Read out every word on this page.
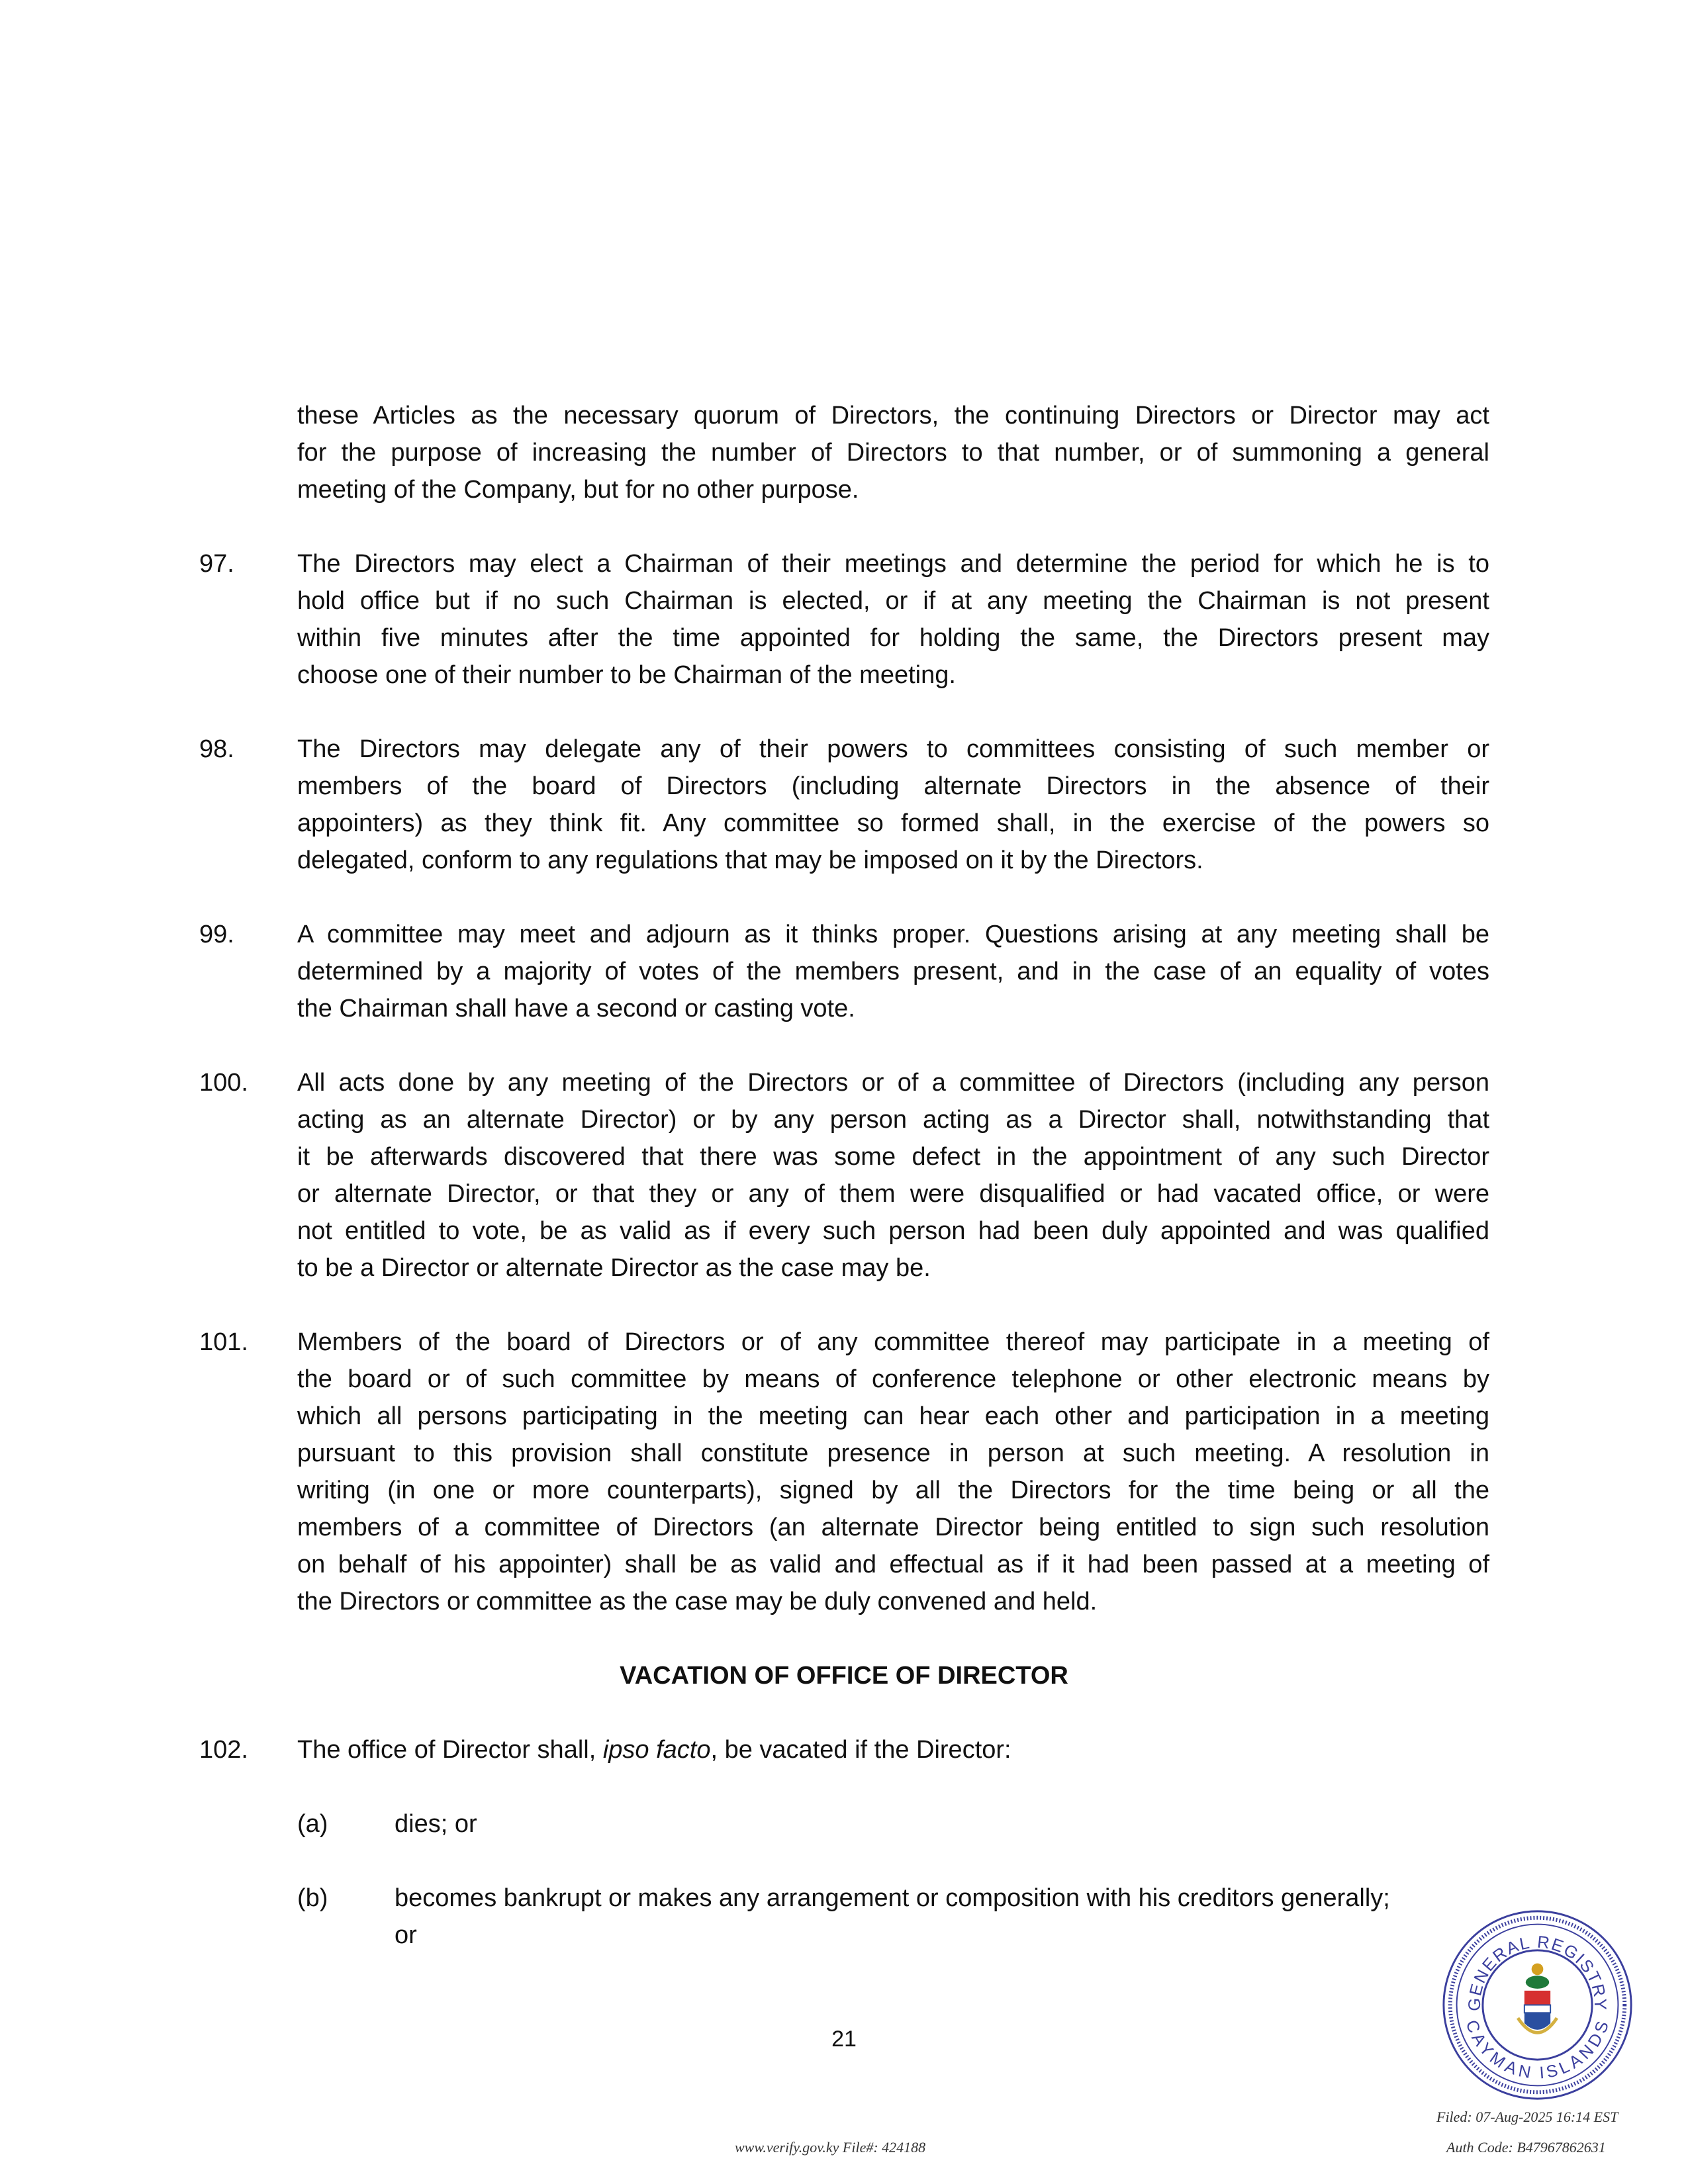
these Articles as the necessary quorum of Directors, the continuing Directors or Director may act
for the purpose of increasing the number of Directors to that number, or of summoning a general
meeting of the Company, but for no other purpose.
97.	The Directors may elect a Chairman of their meetings and determine the period for which he is to
hold office but if no such Chairman is elected, or if at any meeting the Chairman is not present
within five minutes after the time appointed for holding the same, the Directors present may
choose one of their number to be Chairman of the meeting.
98.	The Directors may delegate any of their powers to committees consisting of such member or
members of the board of Directors (including alternate Directors in the absence of their
appointers) as they think fit. Any committee so formed shall, in the exercise of the powers so
delegated, conform to any regulations that may be imposed on it by the Directors.
99.	A committee may meet and adjourn as it thinks proper. Questions arising at any meeting shall be
determined by a majority of votes of the members present, and in the case of an equality of votes
the Chairman shall have a second or casting vote.
100. All acts done by any meeting of the Directors or of a committee of Directors (including any person
acting as an alternate Director) or by any person acting as a Director shall, notwithstanding that
it be afterwards discovered that there was some defect in the appointment of any such Director
or alternate Director, or that they or any of them were disqualified or had vacated office, or were
not entitled to vote, be as valid as if every such person had been duly appointed and was qualified
to be a Director or alternate Director as the case may be.
101. Members of the board of Directors or of any committee thereof may participate in a meeting of
the board or of such committee by means of conference telephone or other electronic means by
which all persons participating in the meeting can hear each other and participation in a meeting
pursuant to this provision shall constitute presence in person at such meeting. A resolution in
writing (in one or more counterparts), signed by all the Directors for the time being or all the
members of a committee of Directors (an alternate Director being entitled to sign such resolution
on behalf of his appointer) shall be as valid and effectual as if it had been passed at a meeting of
the Directors or committee as the case may be duly convened and held.
VACATION OF OFFICE OF DIRECTOR
102. The office of Director shall, ipso facto, be vacated if the Director:
(a)	dies; or
(b)	becomes bankrupt or makes any arrangement or composition with his creditors generally;
or
21
GENERAL REGISTRY
CAYMAN ISLANDS
www.verify.gov.ky File#: 424188
Filed: 07-Aug-2025 16:14 EST
Auth Code: B47967862631
